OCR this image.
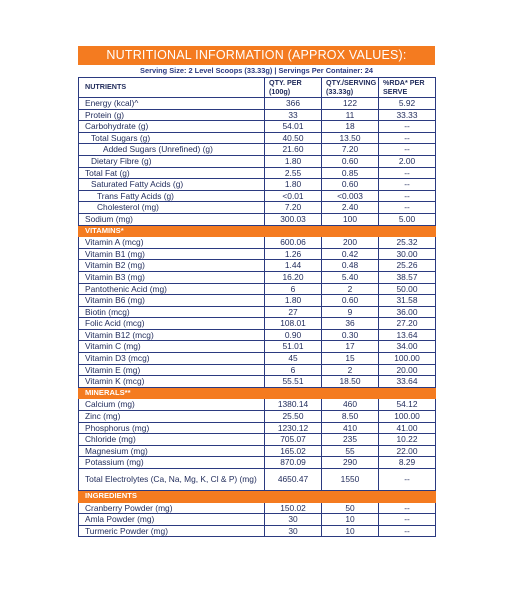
NUTRITIONAL INFORMATION (APPROX VALUES):
Serving Size: 2 Level Scoops (33.33g) | Servings Per Container: 24
NUTRIENTS	QTY. PER (100g)	QTY./SERVING (33.33g)	%RDA* PER SERVE
Energy (kcal)^	366	122	5.92
Protein (g)	33	11	33.33
Carbohydrate (g)	54.01	18	--
Total Sugars (g)	40.50	13.50	--
Added Sugars (Unrefined) (g)	21.60	7.20	--
Dietary Fibre (g)	1.80	0.60	2.00
Total Fat (g)	2.55	0.85	--
Saturated Fatty Acids (g)	1.80	0.60	--
Trans Fatty Acids (g)	<0.01	<0.003	--
Cholesterol (mg)	7.20	2.40	--
Sodium (mg)	300.03	100	5.00
VITAMINS*			
Vitamin A (mcg)	600.06	200	25.32
Vitamin B1 (mg)	1.26	0.42	30.00
Vitamin B2 (mg)	1.44	0.48	25.26
Vitamin B3 (mg)	16.20	5.40	38.57
Pantothenic Acid (mg)	6	2	50.00
Vitamin B6 (mg)	1.80	0.60	31.58
Biotin (mcg)	27	9	36.00
Folic Acid (mcg)	108.01	36	27.20
Vitamin B12 (mcg)	0.90	0.30	13.64
Vitamin C (mg)	51.01	17	34.00
Vitamin D3 (mcg)	45	15	100.00
Vitamin E (mg)	6	2	20.00
Vitamin K (mcg)	55.51	18.50	33.64
MINERALS**			
Calcium (mg)	1380.14	460	54.12
Zinc (mg)	25.50	8.50	100.00
Phosphorus (mg)	1230.12	410	41.00
Chloride (mg)	705.07	235	10.22
Magnesium (mg)	165.02	55	22.00
Potassium (mg)	870.09	290	8.29
Total Electrolytes (Ca, Na, Mg, K, Cl & P) (mg)	4650.47	1550	--
INGREDIENTS			
Cranberry Powder (mg)	150.02	50	--
Amla Powder (mg)	30	10	--
Turmeric Powder (mg)	30	10	--
